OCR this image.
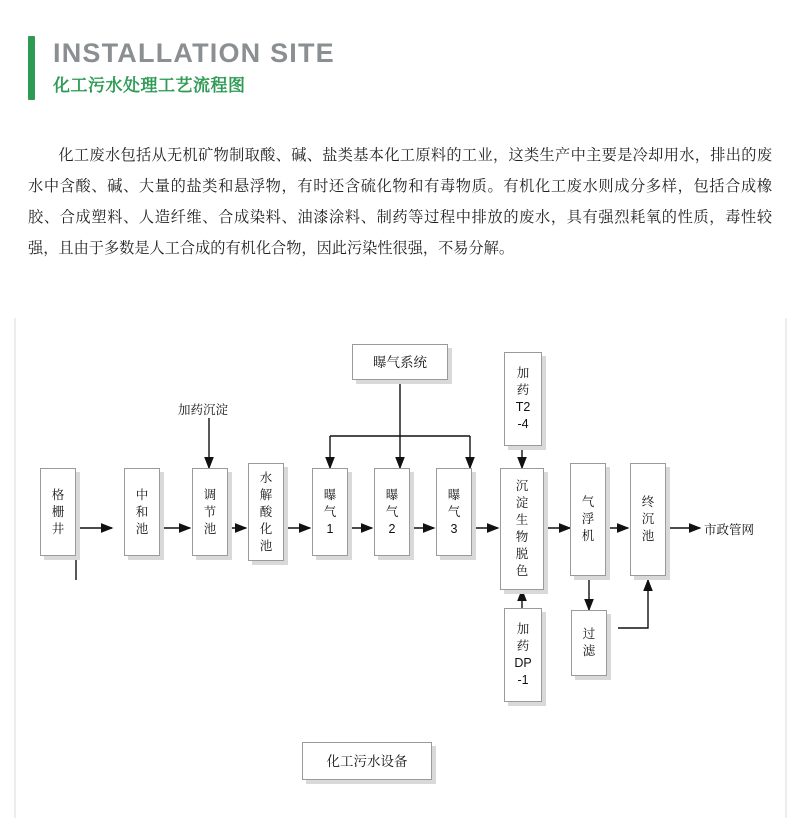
INSTALLATION SITE
化工污水处理工艺流程图
化工废水包括从无机矿物制取酸、碱、盐类基本化工原料的工业，这类生产中主要是冷却用水，排出的废水中含酸、碱、大量的盐类和悬浮物，有时还含硫化物和有毒物质。有机化工废水则成分多样，包括合成橡胶、合成塑料、人造纤维、合成染料、油漆涂料、制药等过程中排放的废水，具有强烈耗氧的性质，毒性较强，且由于多数是人工合成的有机化合物，因此污染性很强，不易分解。
曝气系统
加药沉淀
加
药
T2
-4
格
栅
井
中
和
池
调
节
池
水
解
酸
化
池
曝
气
1
曝
气
2
曝
气
3
沉
淀
生
物
脱
色
气
浮
机
终
沉
池
过
滤
加
药
DP
-1
市政管网
化工污水设备
